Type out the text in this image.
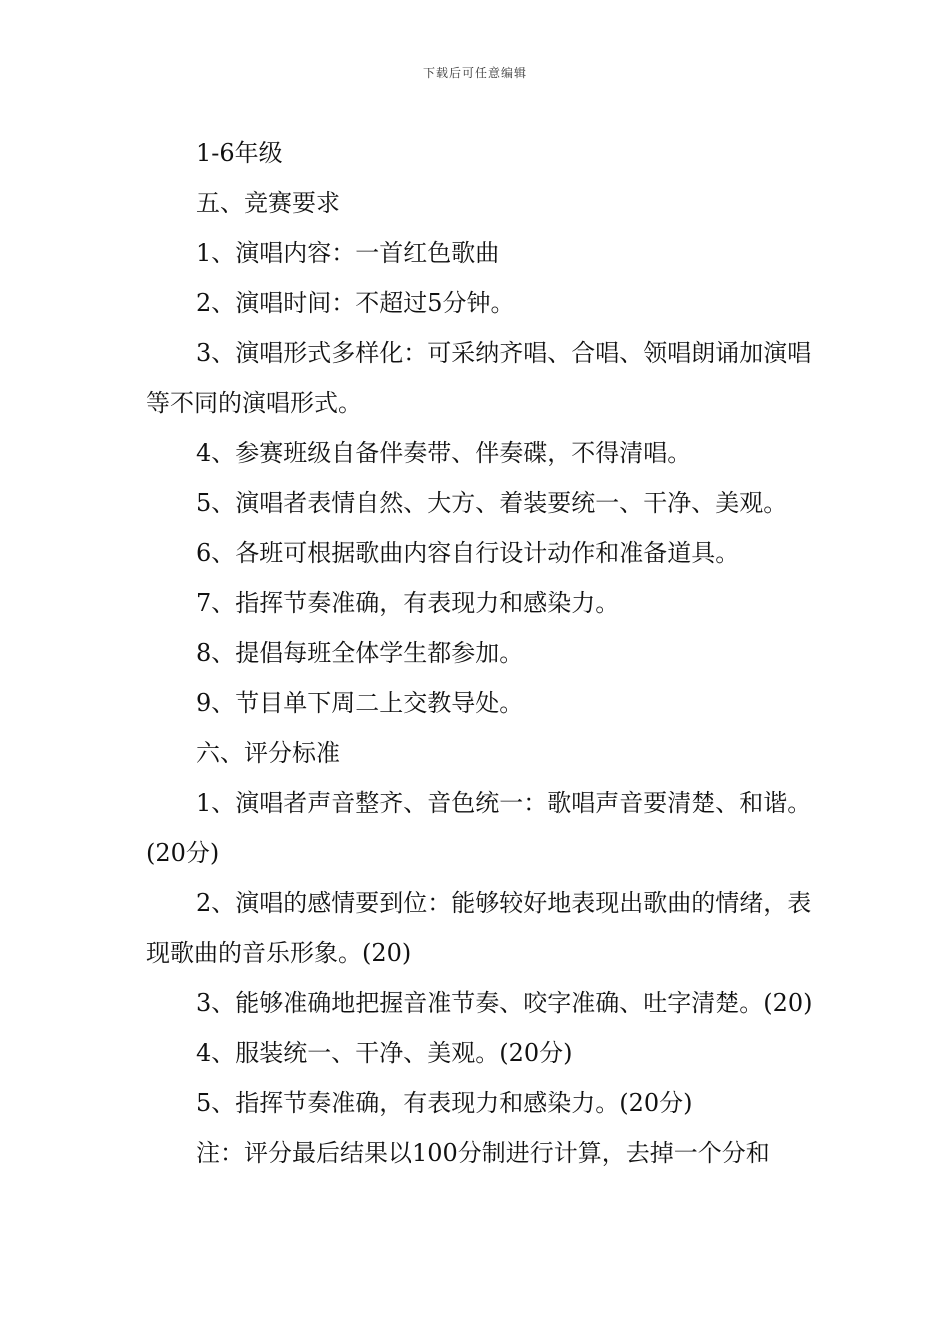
下载后可任意编辑

1-6年级

五、竞赛要求

1、演唱内容：一首红色歌曲

2、演唱时间：不超过5分钟。

3、演唱形式多样化：可采纳齐唱、合唱、领唱朗诵加演唱等不同的演唱形式。

4、参赛班级自备伴奏带、伴奏碟，不得清唱。

5、演唱者表情自然、大方、着装要统一、干净、美观。

6、各班可根据歌曲内容自行设计动作和准备道具。

7、指挥节奏准确，有表现力和感染力。

8、提倡每班全体学生都参加。

9、节目单下周二上交教导处。

六、评分标准

1、演唱者声音整齐、音色统一：歌唱声音要清楚、和谐。(20分)

2、演唱的感情要到位：能够较好地表现出歌曲的情绪，表现歌曲的音乐形象。(20)

3、能够准确地把握音准节奏、咬字准确、吐字清楚。(20)

4、服装统一、干净、美观。(20分)

5、指挥节奏准确，有表现力和感染力。(20分)

注：评分最后结果以100分制进行计算，去掉一个分和
